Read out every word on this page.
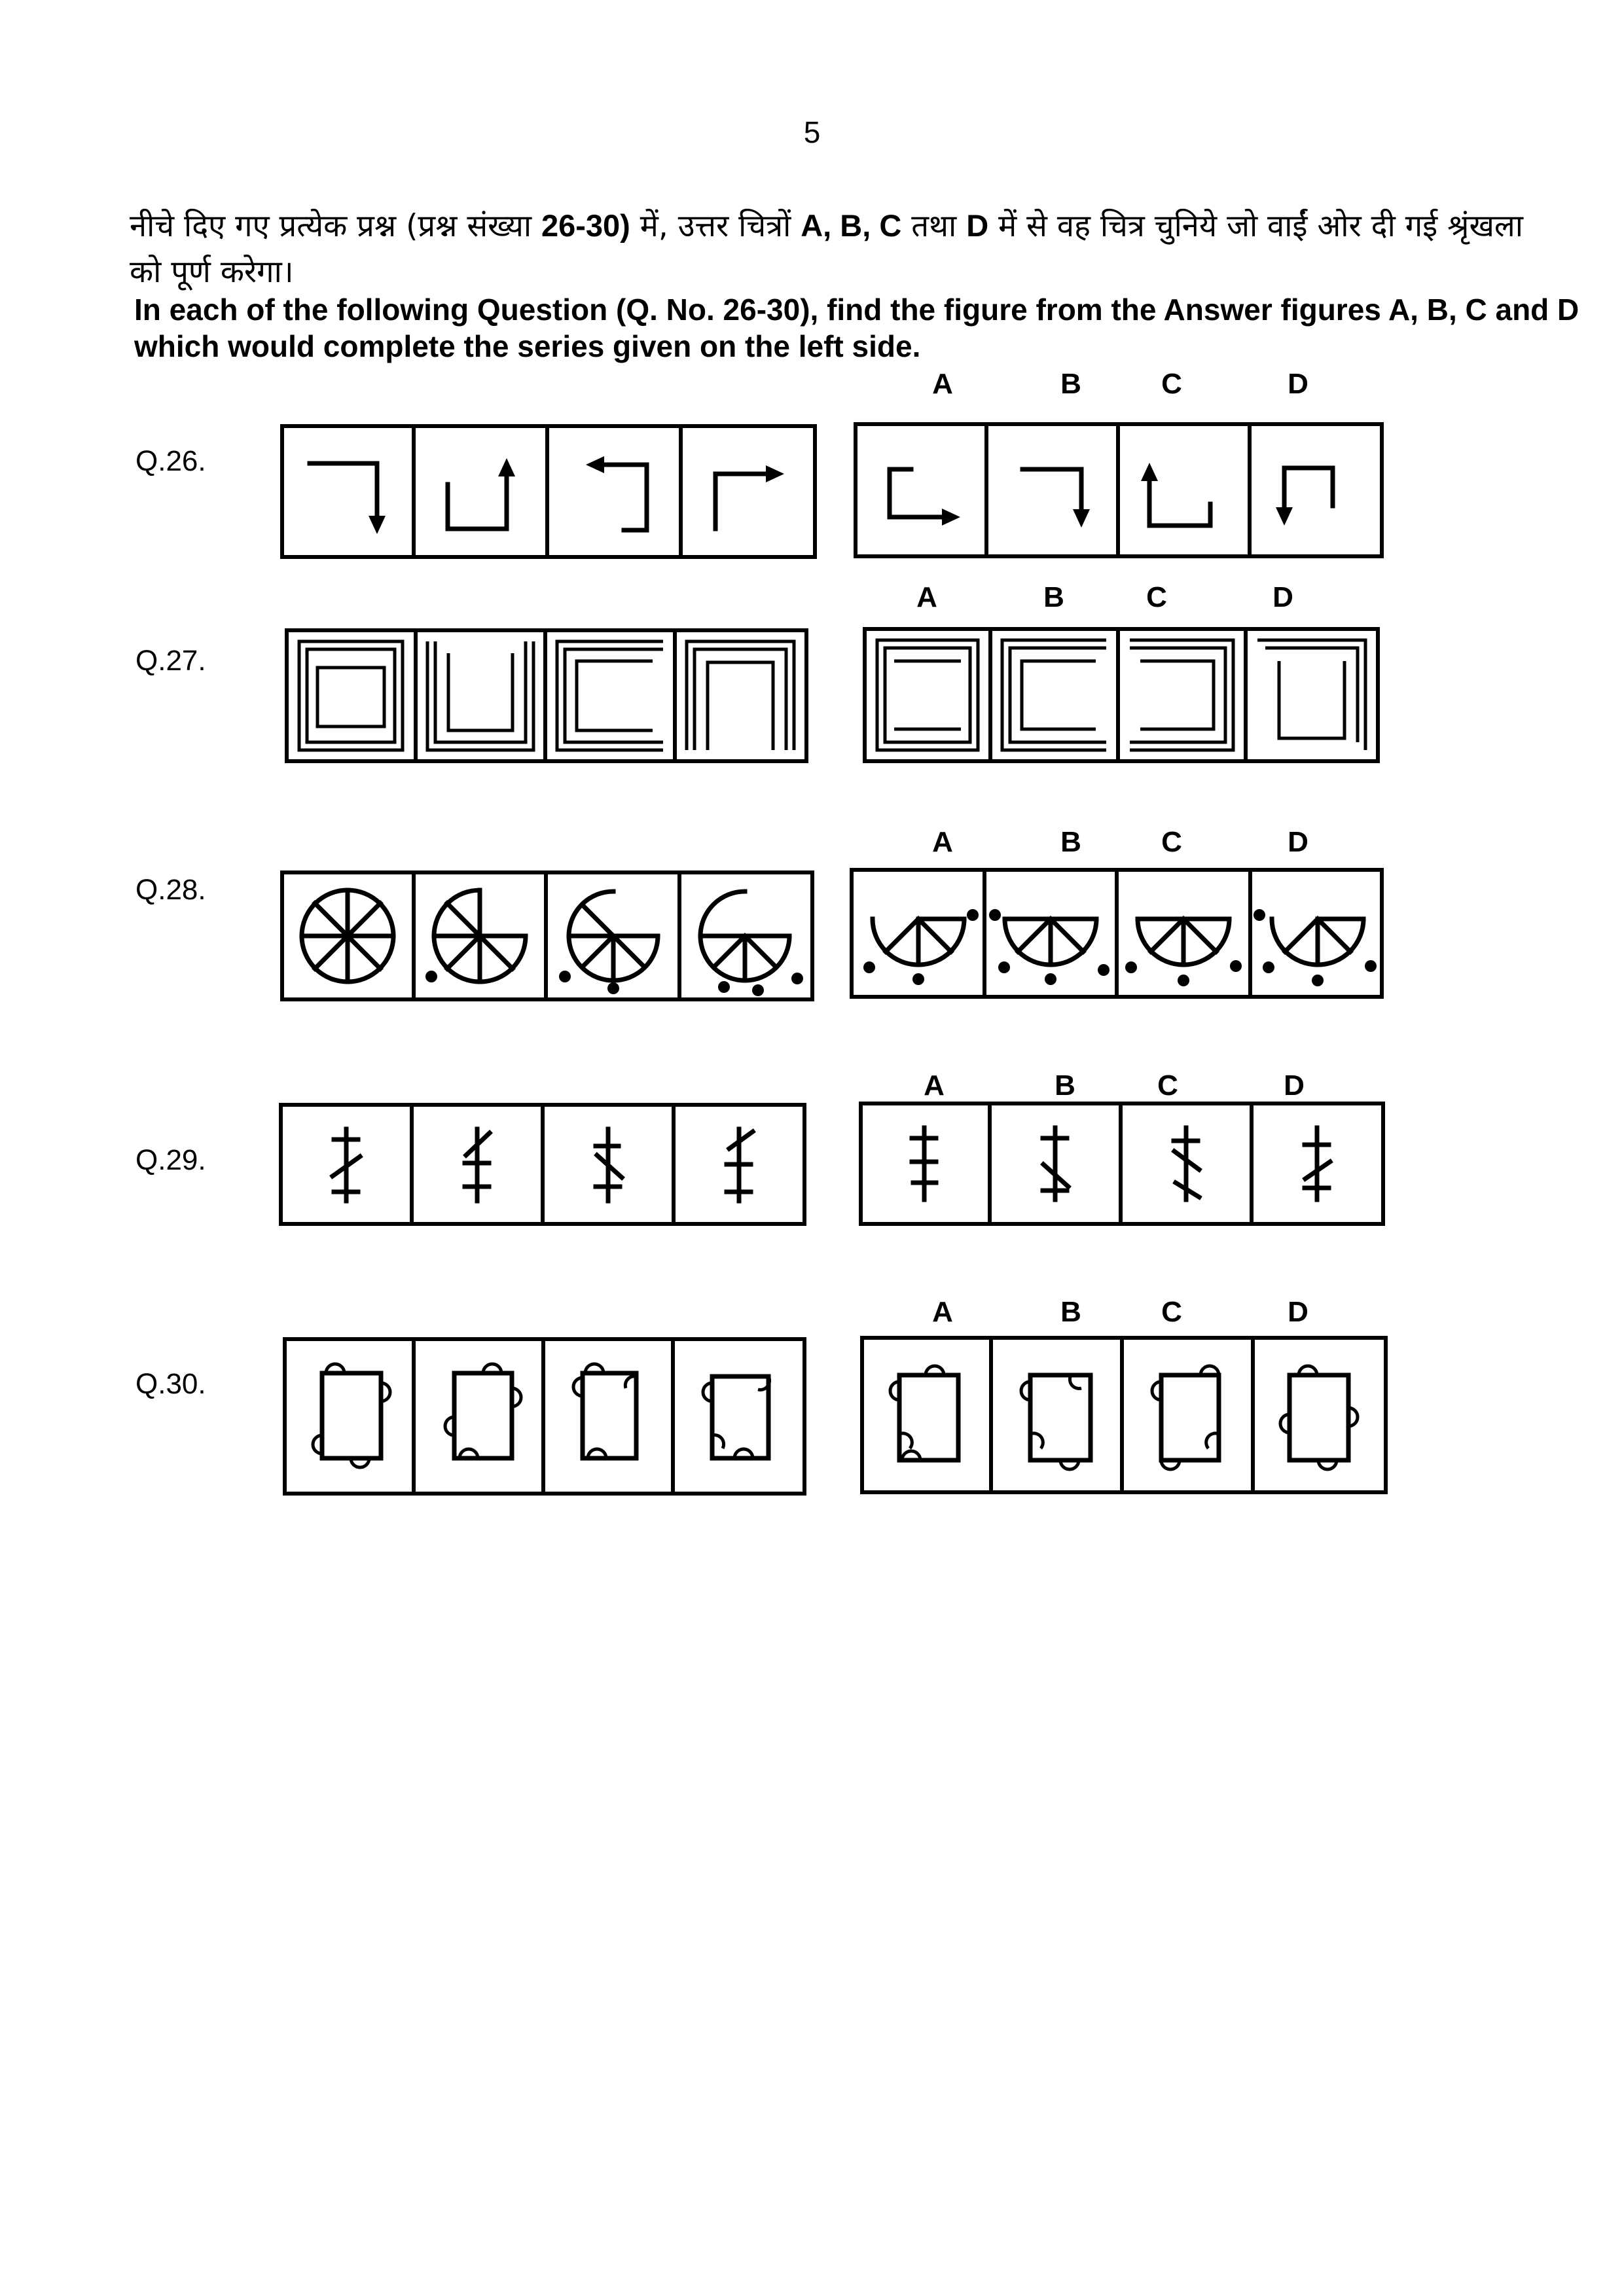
5
नीचे दिए गए प्रत्येक प्रश्न (प्रश्न संख्या 26-30) में, उत्तर चित्रों A, B, C तथा D में से वह चित्र चुनिये जो वाईं ओर दी गई श्रृंखला को पूर्ण करेगा।
In each of the following Question (Q. No. 26-30), find the figure from the Answer figures A, B, C and D which would complete the series given on the left side.
Q.26.
A	B	C	D
Q.27.
A	B	C	D
Q.28.
A	B	C	D
Q.29.
A	B	C	D
Q.30.
A	B	C	D
